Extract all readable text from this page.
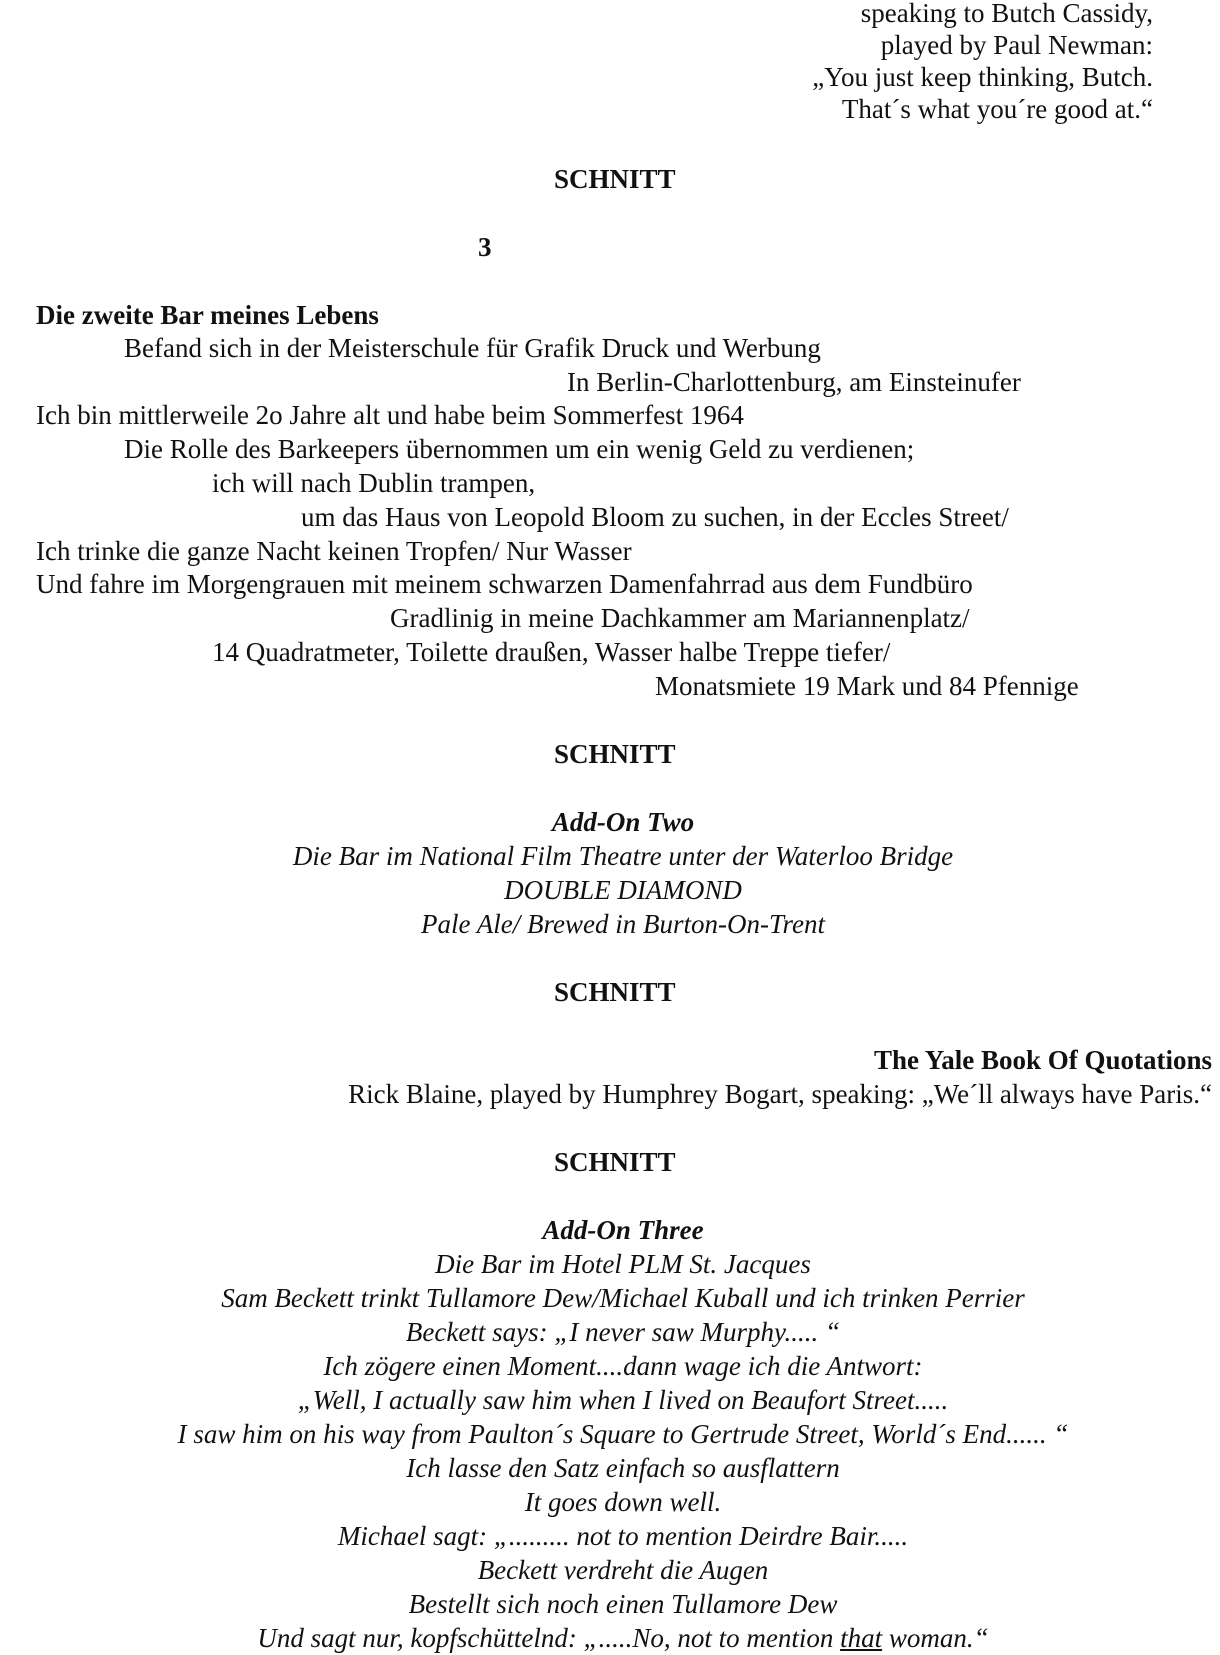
speaking to Butch Cassidy,
played by Paul Newman:
„You just keep thinking, Butch.
That´s what you´re good at.“
SCHNITT
3
Die zweite Bar meines Lebens
Befand sich in der Meisterschule für Grafik Druck und Werbung
In Berlin-Charlottenburg, am Einsteinufer
Ich bin mittlerweile 2o Jahre alt und habe beim Sommerfest 1964
Die Rolle des Barkeepers übernommen um ein wenig Geld zu verdienen;
ich will nach Dublin trampen,
um das Haus von Leopold Bloom zu suchen, in der Eccles Street/
Ich trinke die ganze Nacht keinen Tropfen/ Nur Wasser
Und fahre im Morgengrauen mit meinem schwarzen Damenfahrrad aus dem Fundbüro
Gradlinig in meine Dachkammer am Mariannenplatz/
14 Quadratmeter, Toilette draußen, Wasser halbe Treppe tiefer/
Monatsmiete 19 Mark und 84 Pfennige
SCHNITT
Add-On Two
Die Bar im National Film Theatre unter der Waterloo Bridge
DOUBLE DIAMOND
Pale Ale/ Brewed in Burton-On-Trent
SCHNITT
The Yale Book Of Quotations
Rick Blaine, played by Humphrey Bogart, speaking: „We´ll always have Paris.“
SCHNITT
Add-On Three
Die Bar im Hotel PLM St. Jacques
Sam Beckett trinkt Tullamore Dew/Michael Kuball und ich trinken Perrier
Beckett says: „I never saw Murphy..... “
Ich zögere einen Moment....dann wage ich die Antwort:
„Well, I actually saw him when I lived on Beaufort Street.....
I saw him on his way from Paulton´s Square to Gertrude Street, World´s End...... “
Ich lasse den Satz einfach so ausflattern
It goes down well.
Michael sagt: „......... not to mention Deirdre Bair.....
Beckett verdreht die Augen
Bestellt sich noch einen Tullamore Dew
Und sagt nur, kopfschüttelnd: „.....No, not to mention that woman.“
